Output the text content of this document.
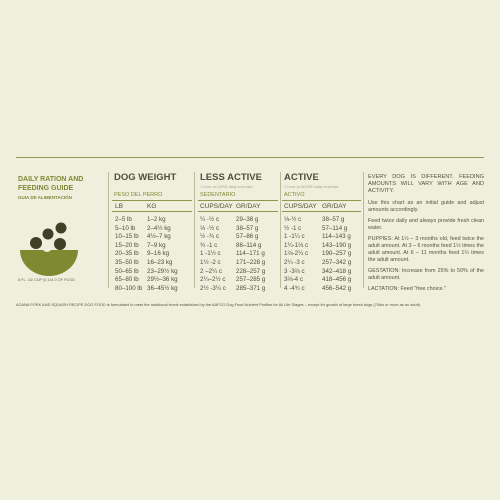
DAILY RATION AND FEEDING GUIDE
GUIA DE ALIMENTACIÓN
8 FL. OZ CUP (0,114.0 OF FOOD
DOG WEIGHT
PESO DEL PERRO
LB	KG
LESS ACTIVE
1 hour or LESS daily exercise
SEDENTARIO
CUPS/DAY GR/DAY
ACTIVE
1 hour or MORE daily exercise
ACTIVO
CUPS/DAY GR/DAY
2–5 lb 1–2 kg	¼ -½ c	29–38 g	⅓-½ c	38–57 g
5–10 lb 2–4½ kg	⅓ -½ c	38–57 g	½ -1 c	57–114 g
10–15 lb 4½–7 kg	½ -¾ c	57–86 g	1 -1¼ c	114–143 g
15–20 lb 7–9 kg	¾ -1 c	86–114 g	1¼-1⅔ c 143–190 g
20–35 lb 9–16 kg	1 -1½ c 114–171 g	1⅔-2¼ c 190–257 g
35–50 lb 16–23 kg	1½ -2 c 171–228 g	2¼ -3 c	257–342 g
50–65 lb 23–29½ kg	2 –2¼ c 228–257 g	3 -3⅔ c	342–418 g
65–80 lb 29½–36 kg	2¼–2½ c 257–285 g	3⅔-4 c	418–456 g
80–100 lb 36–45½ kg	2½ -3¼ c 285–371 g	4 -4¾ c	456–542 g

EVERY DOG IS DIFFERENT. FEEDING AMOUNTS WILL VARY WITH AGE AND ACTIVITY.

Use this chart as an initial guide and adjust amounts accordingly.

Feed twice daily and always provide fresh clean water.

PUPPIES: At 1½ – 3 months old, feed twice the adult amount. At 3 – 6 months feed 1½ times the adult amount. At 6 – 11 months feed 1¼ times the adult amount.

GESTATION: Increase from 25% to 50% of the adult amount.

LACTATION: Feed "free choice."

ACANA PORK AND SQUASH RECIPE DOG FOOD is formulated to meet the nutritional levels established by the AAFCO Dog Food Nutrient Profiles for All Life Stages – except for growth of large breed dogs (70lbs or more as an adult).
